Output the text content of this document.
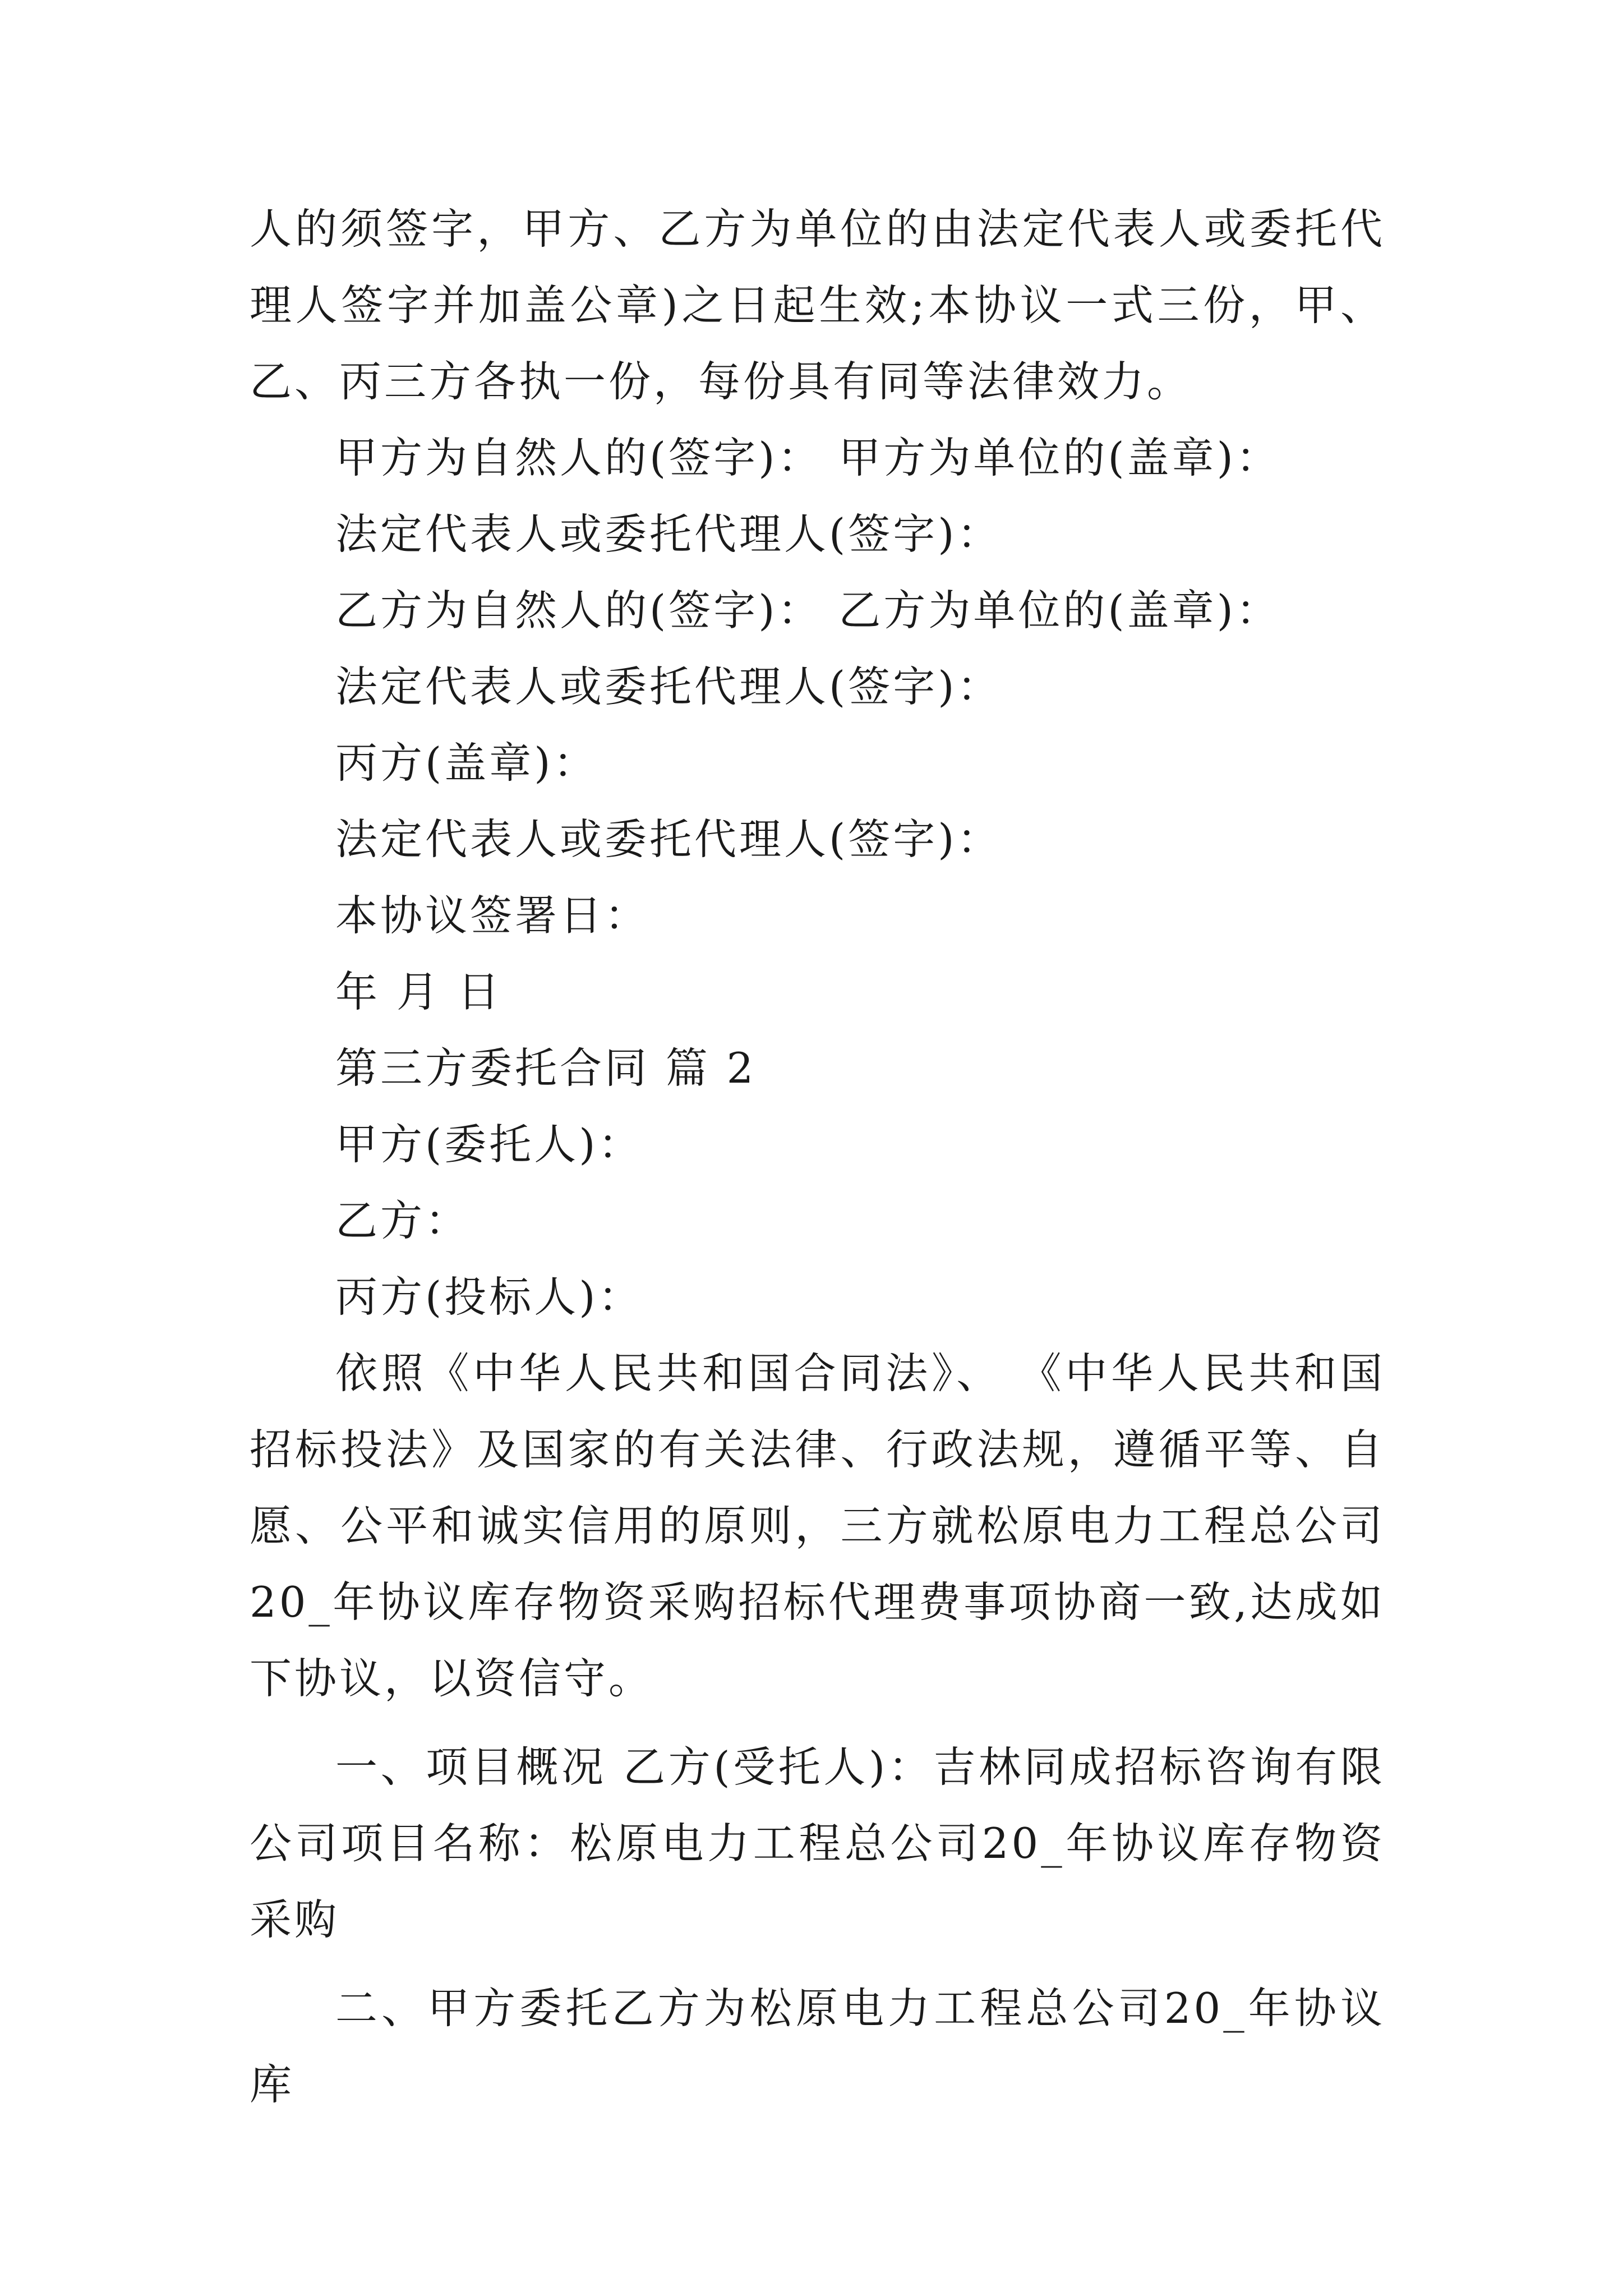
人的须签字，甲方、乙方为单位的由法定代表人或委托代理人签字并加盖公章)之日起生效;本协议一式三份，甲、乙、丙三方各执一份，每份具有同等法律效力。

甲方为自然人的(签字)： 甲方为单位的(盖章)：

法定代表人或委托代理人(签字)：

乙方为自然人的(签字)： 乙方为单位的(盖章)：

法定代表人或委托代理人(签字)：

丙方(盖章)：

法定代表人或委托代理人(签字)：

本协议签署日：

年 月 日

第三方委托合同 篇 2

甲方(委托人)：

乙方：

丙方(投标人)：

依照《中华人民共和国合同法》、 《中华人民共和国招标投法》及国家的有关法律、行政法规，遵循平等、自愿、公平和诚实信用的原则，三方就松原电力工程总公司20_年协议库存物资采购招标代理费事项协商一致,达成如下协议，以资信守。

一、项目概况 乙方(受托人)：吉林同成招标咨询有限公司项目名称：松原电力工程总公司20_年协议库存物资采购

二、甲方委托乙方为松原电力工程总公司20_年协议库
